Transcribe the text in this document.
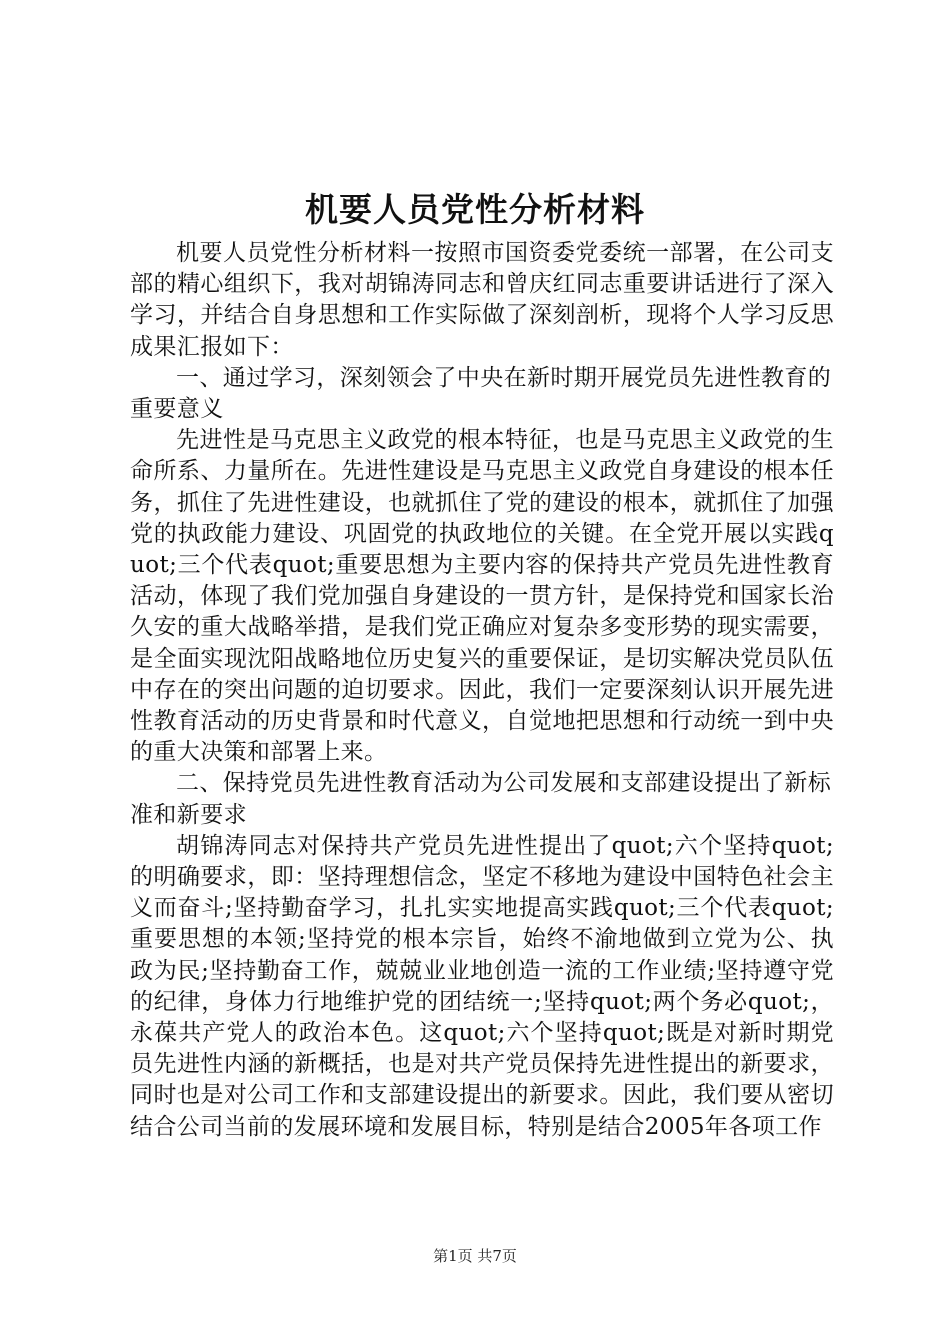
机要人员党性分析材料

机要人员党性分析材料一按照市国资委党委统一部署，在公司支部的精心组织下，我对胡锦涛同志和曾庆红同志重要讲话进行了深入学习，并结合自身思想和工作实际做了深刻剖析，现将个人学习反思成果汇报如下：

一、通过学习，深刻领会了中央在新时期开展党员先进性教育的重要意义

先进性是马克思主义政党的根本特征，也是马克思主义政党的生命所系、力量所在。先进性建设是马克思主义政党自身建设的根本任务，抓住了先进性建设，也就抓住了党的建设的根本，就抓住了加强党的执政能力建设、巩固党的执政地位的关键。在全党开展以实践quot;三个代表quot;重要思想为主要内容的保持共产党员先进性教育活动，体现了我们党加强自身建设的一贯方针，是保持党和国家长治久安的重大战略举措，是我们党正确应对复杂多变形势的现实需要，是全面实现沈阳战略地位历史复兴的重要保证，是切实解决党员队伍中存在的突出问题的迫切要求。因此，我们一定要深刻认识开展先进性教育活动的历史背景和时代意义，自觉地把思想和行动统一到中央的重大决策和部署上来。

二、保持党员先进性教育活动为公司发展和支部建设提出了新标准和新要求

胡锦涛同志对保持共产党员先进性提出了quot;六个坚持quot;的明确要求，即：坚持理想信念，坚定不移地为建设中国特色社会主义而奋斗;坚持勤奋学习，扎扎实实地提高实践quot;三个代表quot;重要思想的本领;坚持党的根本宗旨，始终不渝地做到立党为公、执政为民;坚持勤奋工作，兢兢业业地创造一流的工作业绩;坚持遵守党的纪律，身体力行地维护党的团结统一;坚持quot;两个务必quot;，永葆共产党人的政治本色。这quot;六个坚持quot;既是对新时期党员先进性内涵的新概括，也是对共产党员保持先进性提出的新要求，同时也是对公司工作和支部建设提出的新要求。因此，我们要从密切结合公司当前的发展环境和发展目标，特别是结合2005年各项工作

第1页 共7页
